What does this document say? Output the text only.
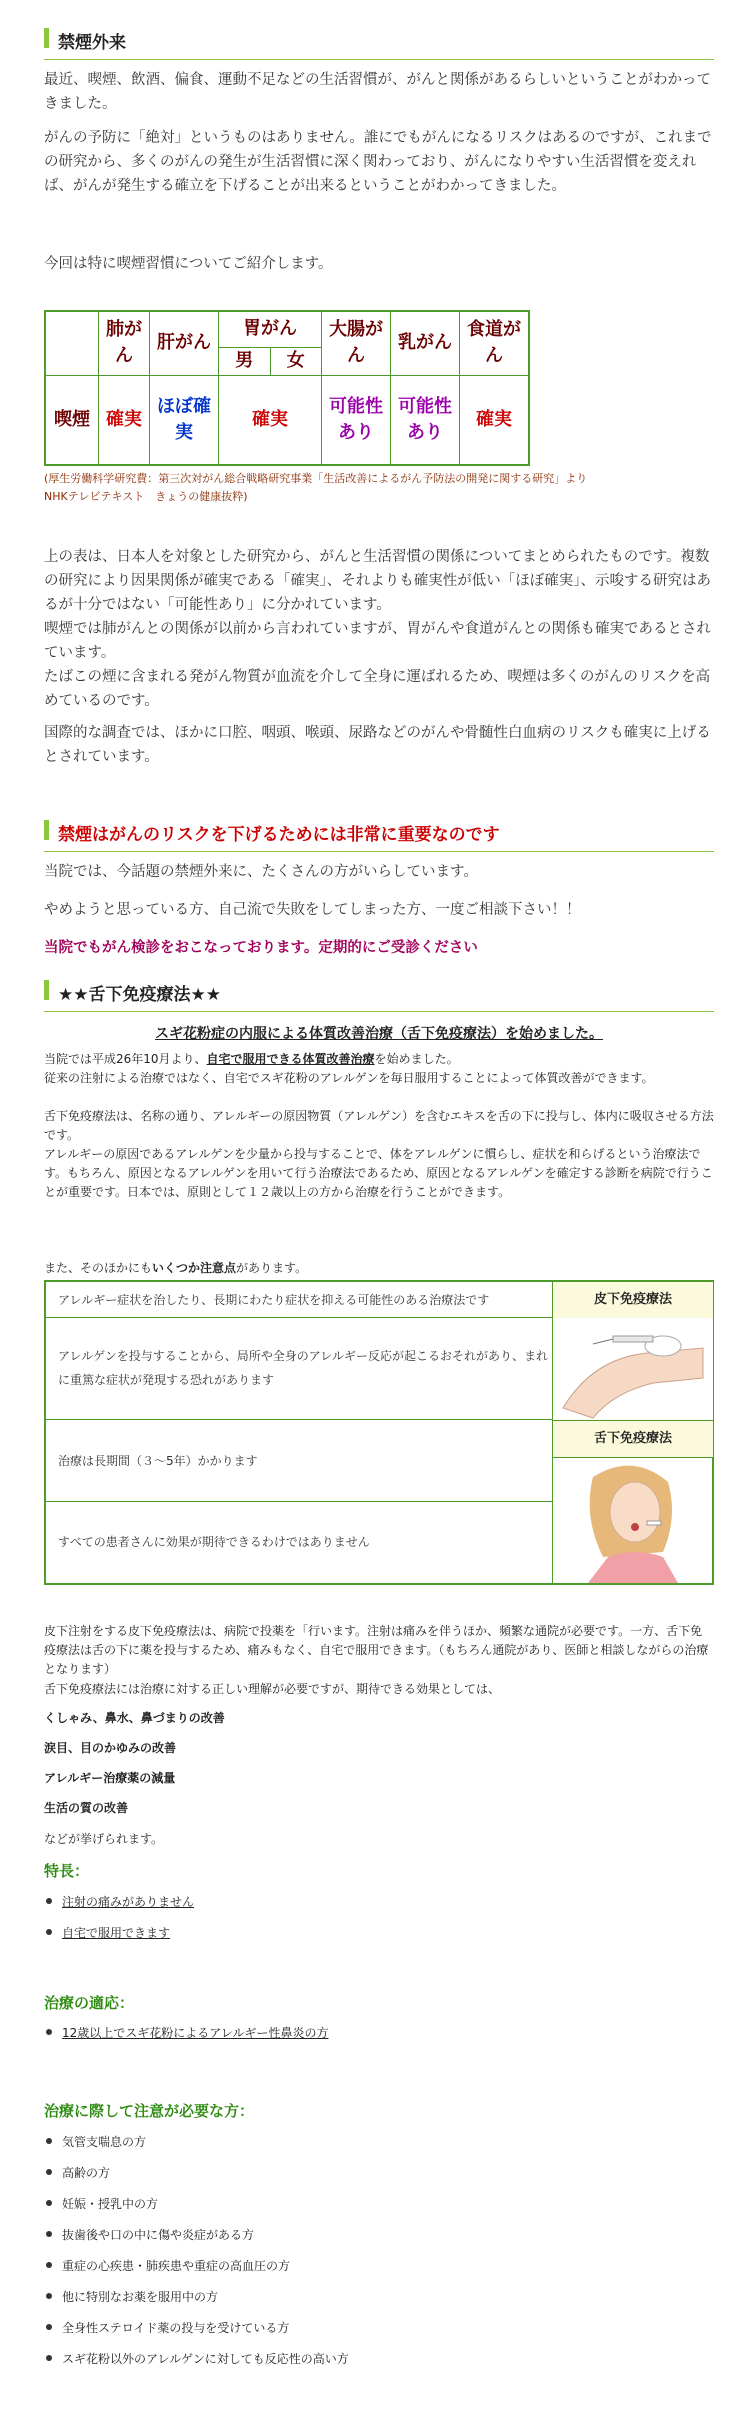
禁煙外来
最近、喫煙、飲酒、偏食、運動不足などの生活習慣が、がんと関係があるらしいということがわかってきました。
がんの予防に「絶対」というものはありません。誰にでもがんになるリスクはあるのですが、これまでの研究から、多くのがんの発生が生活習慣に深く関わっており、がんになりやすい生活習慣を変えれば、がんが発生する確立を下げることが出来るということがわかってきました。
今回は特に喫煙習慣についてご紹介します。
	肺がん	肝がん	胃がん		大腸がん	乳がん	食道がん
			男	女			
喫煙	確実	ほぼ確実	確実		可能性あり	可能性あり	確実
(厚生労働科学研究費：第三次対がん総合戦略研究事業「生活改善によるがん予防法の開発に関する研究」より
NHKテレビテキスト　きょうの健康抜粋)
上の表は、日本人を対象とした研究から、がんと生活習慣の関係についてまとめられたものです。複数の研究により因果関係が確実である「確実」、それよりも確実性が低い「ほぼ確実」、示唆する研究はあるが十分ではない「可能性あり」に分かれています。
喫煙では肺がんとの関係が以前から言われていますが、胃がんや食道がんとの関係も確実であるとされています。
たばこの煙に含まれる発がん物質が血流を介して全身に運ばれるため、喫煙は多くのがんのリスクを高めているのです。
国際的な調査では、ほかに口腔、咽頭、喉頭、尿路などのがんや骨髄性白血病のリスクも確実に上げるとされています。
禁煙はがんのリスクを下げるためには非常に重要なのです
当院では、今話題の禁煙外来に、たくさんの方がいらしています。
やめようと思っている方、自己流で失敗をしてしまった方、一度ご相談下さい！！
当院でもがん検診をおこなっております。定期的にご受診ください
★★舌下免疫療法★★
スギ花粉症の内服による体質改善治療（舌下免疫療法）を始めました。
当院では平成26年10月より、自宅で服用できる体質改善治療を始めました。
従来の注射による治療ではなく、自宅でスギ花粉のアレルゲンを毎日服用することによって体質改善ができます。
舌下免疫療法は、名称の通り、アレルギーの原因物質（アレルゲン）を含むエキスを舌の下に投与し、体内に吸収させる方法です。
アレルギーの原因であるアレルゲンを少量から投与することで、体をアレルゲンに慣らし、症状を和らげるという治療法です。もちろん、原因となるアレルゲンを用いて行う治療法であるため、原因となるアレルゲンを確定する診断を病院で行うことが重要です。日本では、原則として１２歳以上の方から治療を行うことができます。
また、そのほかにもいくつか注意点があります。
アレルギー症状を治したり、長期にわたり症状を抑える可能性のある治療法です
アレルゲンを投与することから、局所や全身のアレルギー反応が起こるおそれがあり、まれに重篤な症状が発現する恐れがあります
治療は長期間（３～5年）かかります
すべての患者さんに効果が期待できるわけではありません
皮下免疫療法
舌下免疫療法
皮下注射をする皮下免疫療法は、病院で投薬を「行います。注射は痛みを伴うほか、頻繁な通院が必要です。一方、舌下免疫療法は舌の下に薬を投与するため、痛みもなく、自宅で服用できます。（もちろん通院があり、医師と相談しながらの治療となります）
舌下免疫療法には治療に対する正しい理解が必要ですが、期待できる効果としては、
くしゃみ、鼻水、鼻づまりの改善
涙目、目のかゆみの改善
アレルギー治療薬の減量
生活の質の改善
などが挙げられます。
特長：
注射の痛みがありません
自宅で服用できます
治療の適応：
12歳以上でスギ花粉によるアレルギー性鼻炎の方
治療に際して注意が必要な方：
気管支喘息の方
高齢の方
妊娠・授乳中の方
抜歯後や口の中に傷や炎症がある方
重症の心疾患・肺疾患や重症の高血圧の方
他に特別なお薬を服用中の方
全身性ステロイド薬の投与を受けている方
スギ花粉以外のアレルゲンに対しても反応性の高い方
